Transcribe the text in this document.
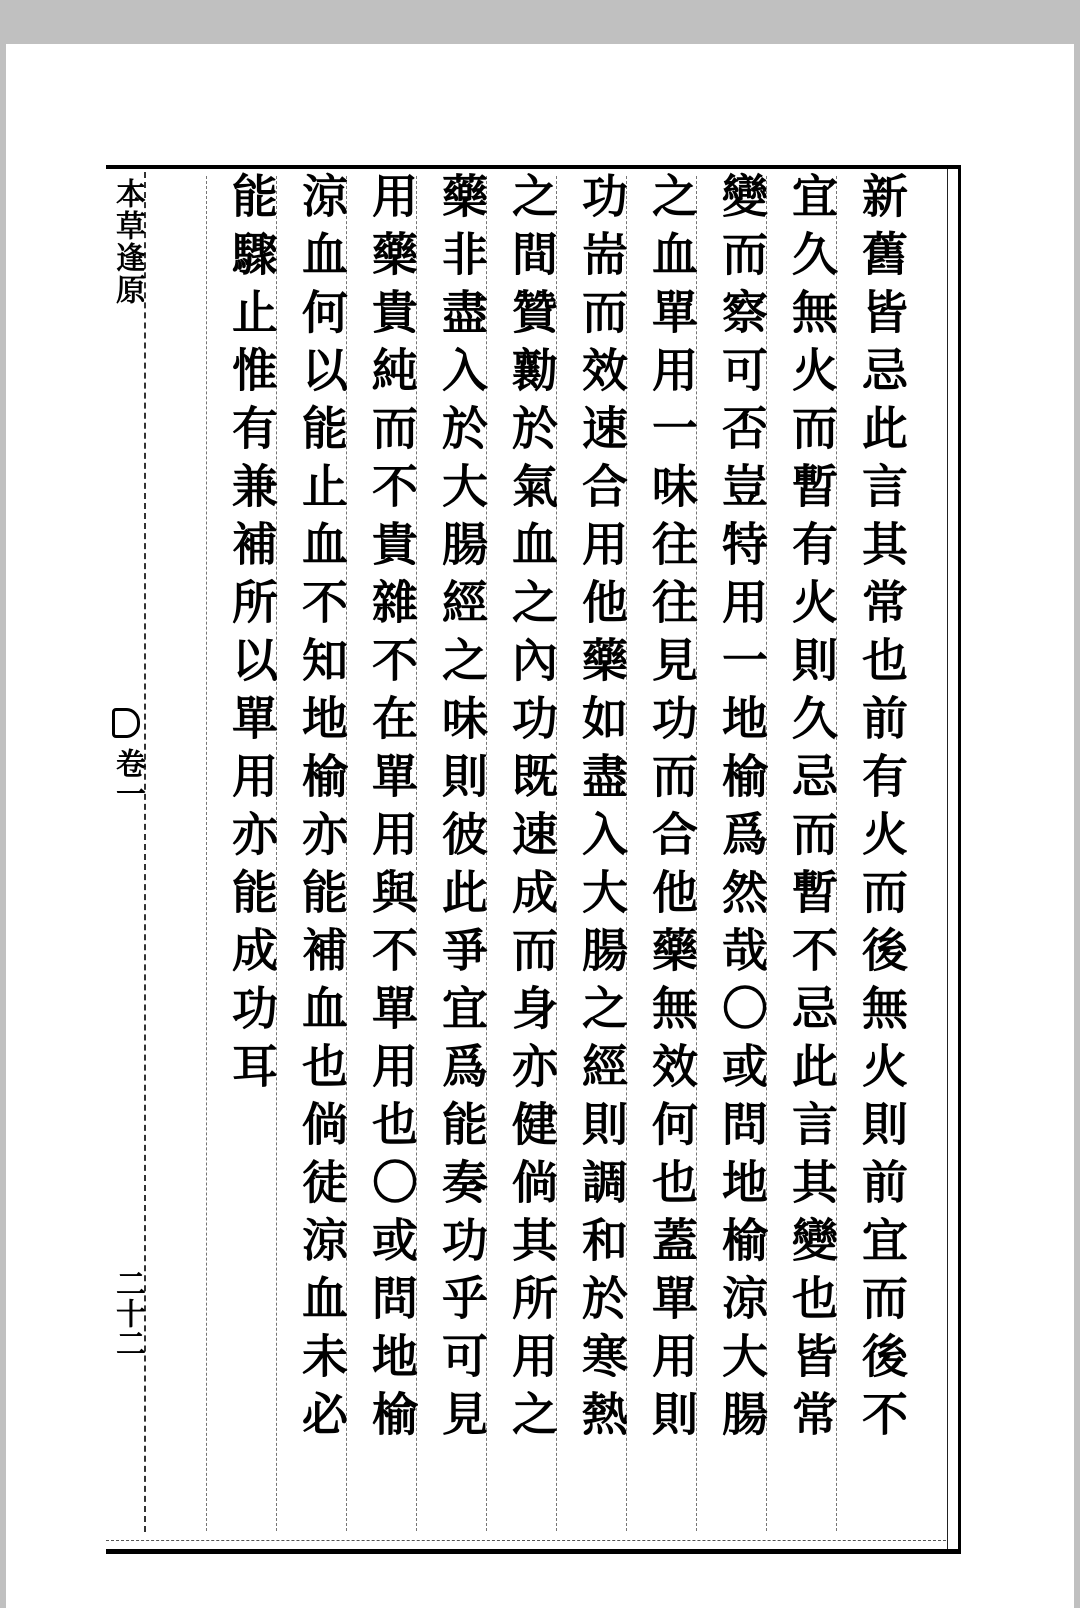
本草逢原
卷一
二十二	新舊皆忌此言其常也前有火而後無火則前宜而後不
宜久無火而暫有火則久忌而暫不忌此言其變也皆常
變而察可否豈特用一地榆爲然哉〇或問地榆涼大腸
之血單用一味往往見功而合他藥無效何也蓋單用則
功耑而效速合用他藥如盡入大腸之經則調和於寒熱
之間贊勷於氣血之內功既速成而身亦健倘其所用之
藥非盡入於大腸經之味則彼此爭宜爲能奏功乎可見
用藥貴純而不貴雜不在單用與不單用也〇或問地榆
涼血何以能止血不知地榆亦能補血也倘徒涼血未必
能驟止惟有兼補所以單用亦能成功耳
